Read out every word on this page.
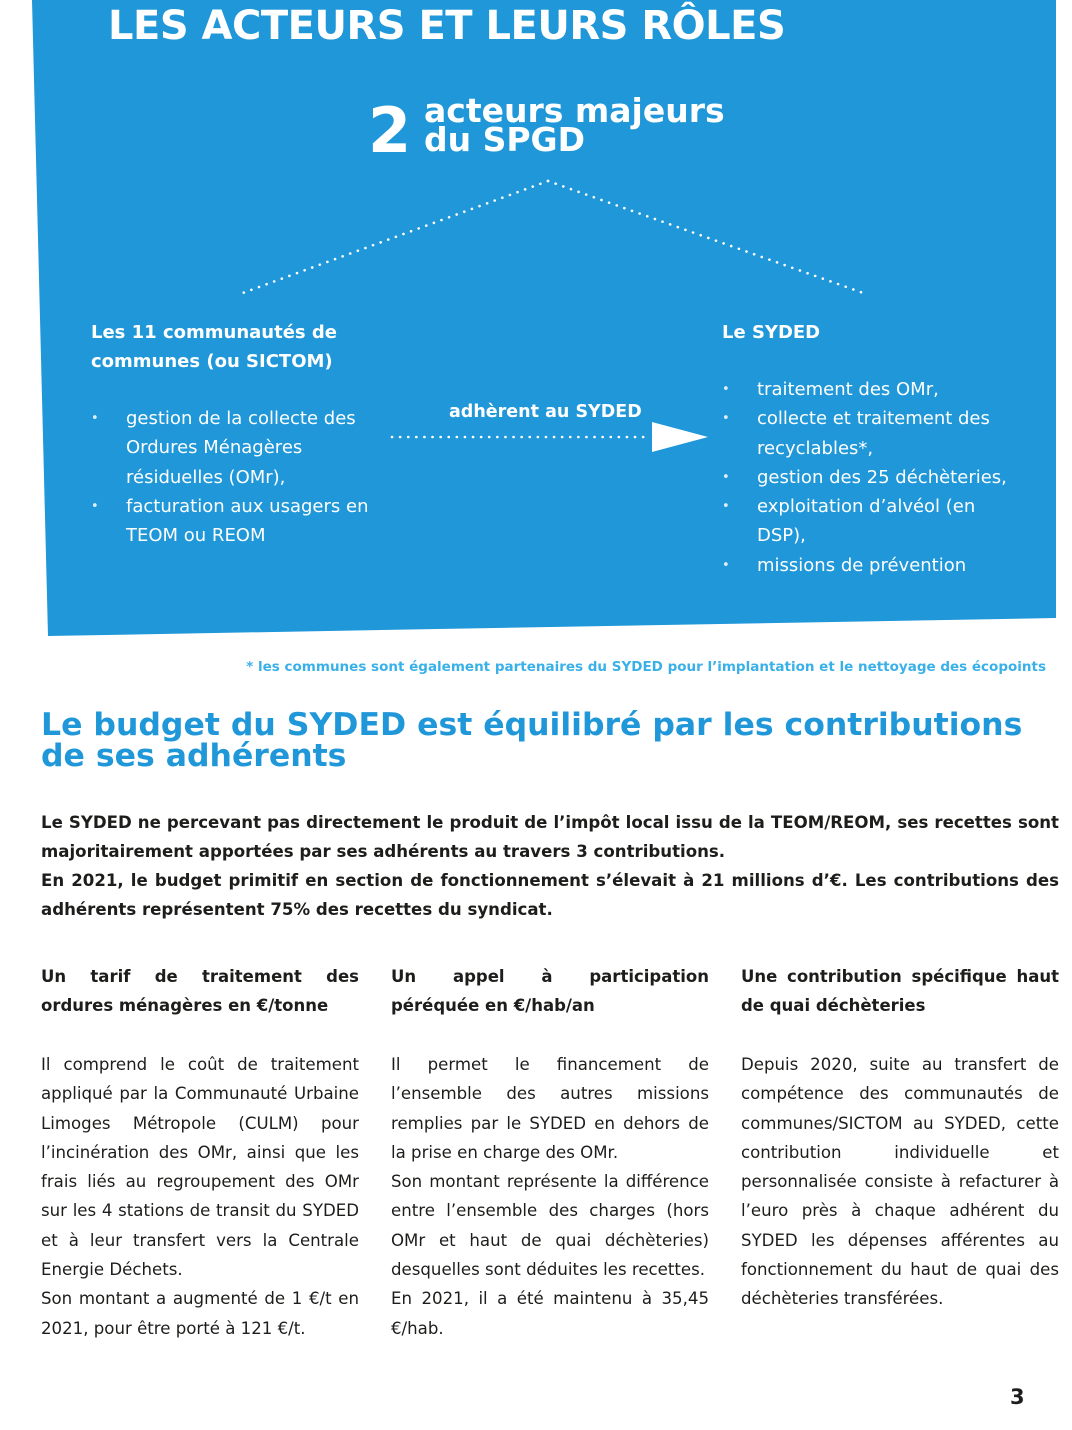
LES ACTEURS ET LEURS RÔLES
2 acteurs majeurs
du SPGD
Les 11 communautés de communes (ou SICTOM)
• gestion de la collecte des Ordures Ménagères résiduelles (OMr),
• facturation aux usagers en TEOM ou REOM
adhèrent au SYDED
Le SYDED
• traitement des OMr,
• collecte et traitement des recyclables*,
• gestion des 25 déchèteries,
• exploitation d’alvéol (en DSP),
• missions de prévention
* les communes sont également partenaires du SYDED pour l’implantation et le nettoyage des écopoints
Le budget du SYDED est équilibré par les contributions de ses adhérents

Le SYDED ne percevant pas directement le produit de l’impôt local issu de la TEOM/REOM, ses recettes sont majoritairement apportées par ses adhérents au travers 3 contributions.

En 2021, le budget primitif en section de fonctionnement s’élevait à 21 millions d’€. Les contributions des adhérents représentent 75% des recettes du syndicat.

Un tarif de traitement des ordures ménagères en €/tonne

Il comprend le coût de traitement appliqué par la Communauté Urbaine Limoges Métropole (CULM) pour l’incinération des OMr, ainsi que les frais liés au regroupement des OMr sur les 4 stations de transit du SYDED et à leur transfert vers la Centrale Energie Déchets.

Son montant a augmenté de 1 €/t en 2021, pour être porté à 121 €/t.

Un appel à participation péréquée en €/hab/an

Il permet le financement de l’ensemble des autres missions remplies par le SYDED en dehors de la prise en charge des OMr.

Son montant représente la différence entre l’ensemble des charges (hors OMr et haut de quai déchèteries) desquelles sont déduites les recettes.

En 2021, il a été maintenu à 35,45 €/hab.

Une contribution spécifique haut de quai déchèteries

Depuis 2020, suite au transfert de compétence des communautés de communes/SICTOM au SYDED, cette contribution individuelle et personnalisée consiste à refacturer à l’euro près à chaque adhérent du SYDED les dépenses afférentes au fonctionnement du haut de quai des déchèteries transférées.

3
